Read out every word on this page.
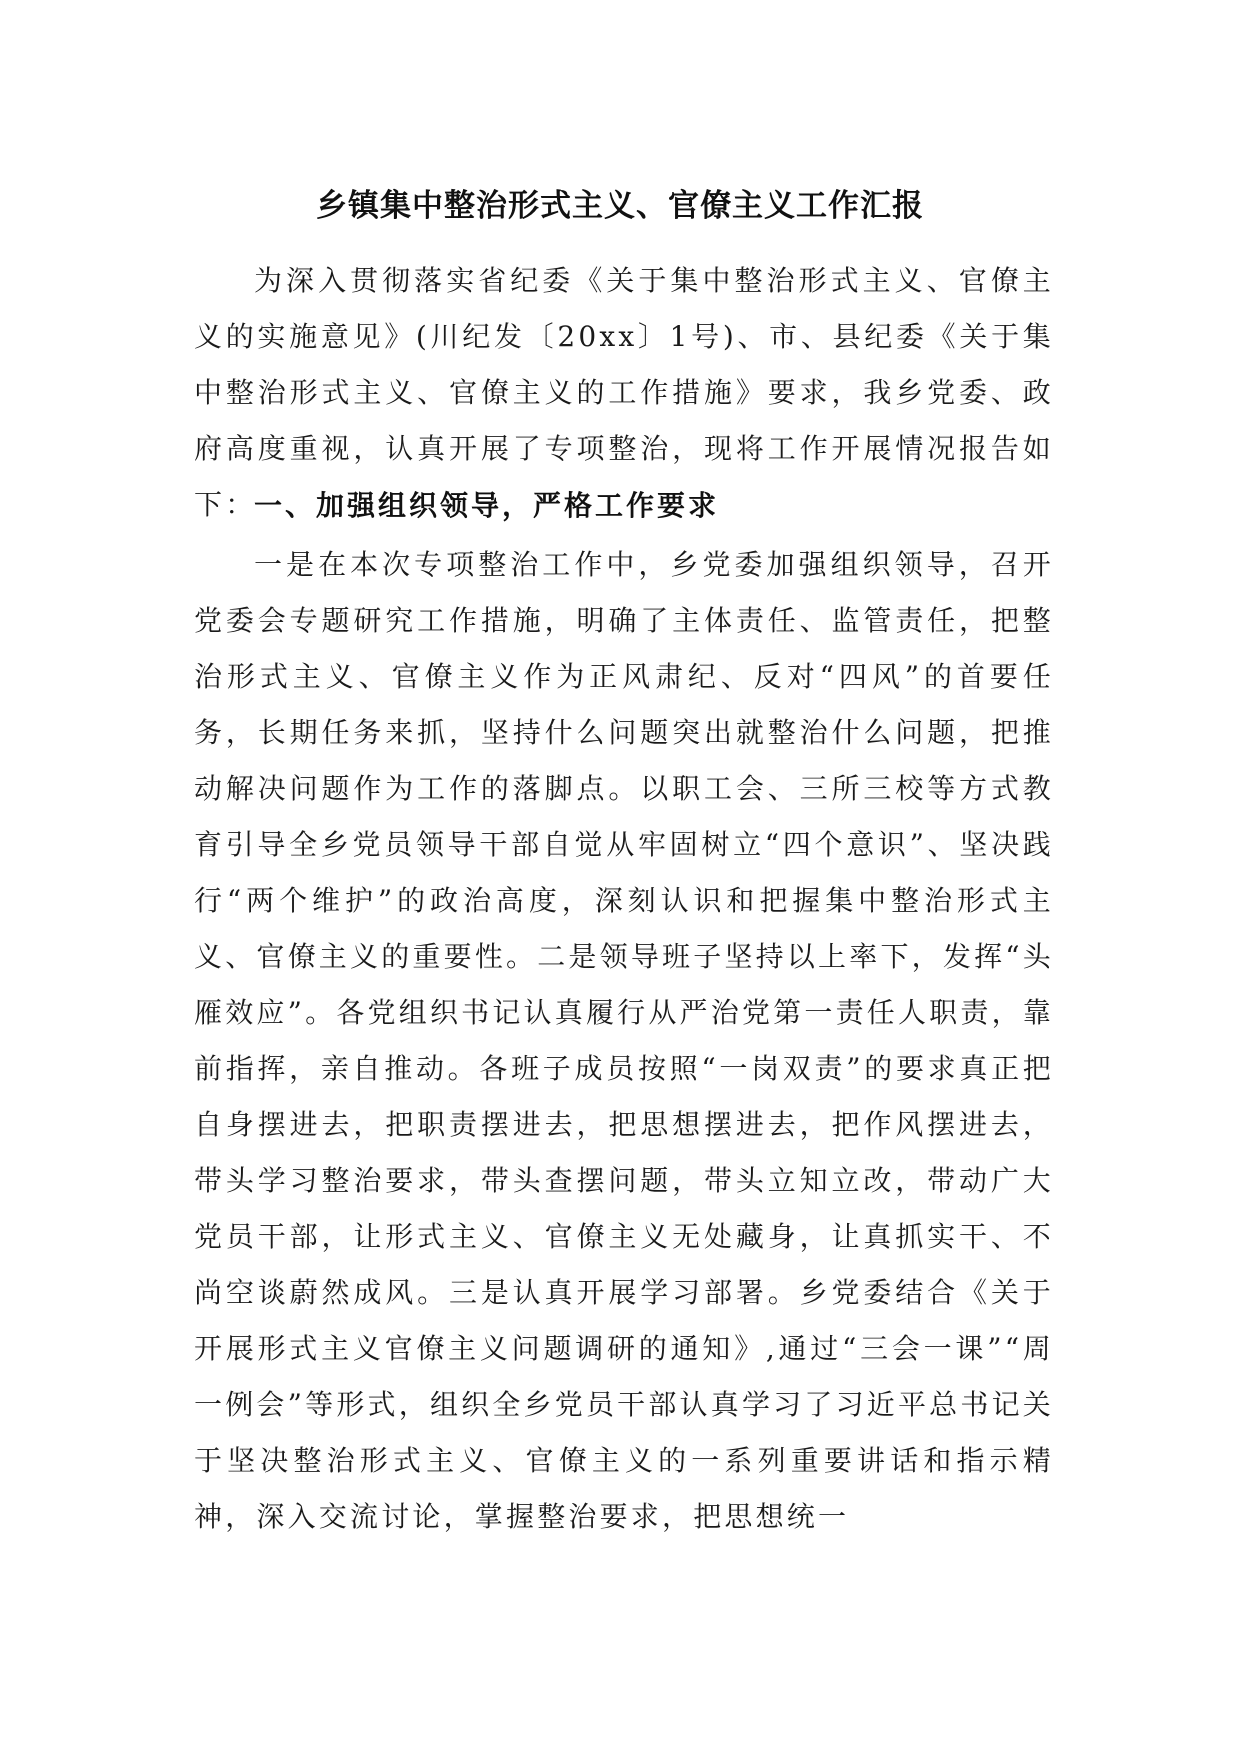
乡镇集中整治形式主义、官僚主义工作汇报

为深入贯彻落实省纪委《关于集中整治形式主义、官僚主义的实施意见》(川纪发〔20xx〕1号)、市、县纪委《关于集中整治形式主义、官僚主义的工作措施》要求，我乡党委、政府高度重视，认真开展了专项整治，现将工作开展情况报告如下：

一、加强组织领导，严格工作要求

一是在本次专项整治工作中，乡党委加强组织领导，召开党委会专题研究工作措施，明确了主体责任、监管责任，把整治形式主义、官僚主义作为正风肃纪、反对“四风”的首要任务，长期任务来抓，坚持什么问题突出就整治什么问题，把推动解决问题作为工作的落脚点。以职工会、三所三校等方式教育引导全乡党员领导干部自觉从牢固树立“四个意识”、坚决践行“两个维护”的政治高度，深刻认识和把握集中整治形式主义、官僚主义的重要性。二是领导班子坚持以上率下，发挥“头雁效应”。各党组织书记认真履行从严治党第一责任人职责，靠前指挥，亲自推动。各班子成员按照“一岗双责”的要求真正把自身摆进去，把职责摆进去，把思想摆进去，把作风摆进去，带头学习整治要求，带头查摆问题，带头立知立改，带动广大党员干部，让形式主义、官僚主义无处藏身，让真抓实干、不尚空谈蔚然成风。三是认真开展学习部署。乡党委结合《关于开展形式主义官僚主义问题调研的通知》,通过“三会一课”“周一例会”等形式，组织全乡党员干部认真学习了习近平总书记关于坚决整治形式主义、官僚主义的一系列重要讲话和指示精神，深入交流讨论，掌握整治要求，把思想统一
